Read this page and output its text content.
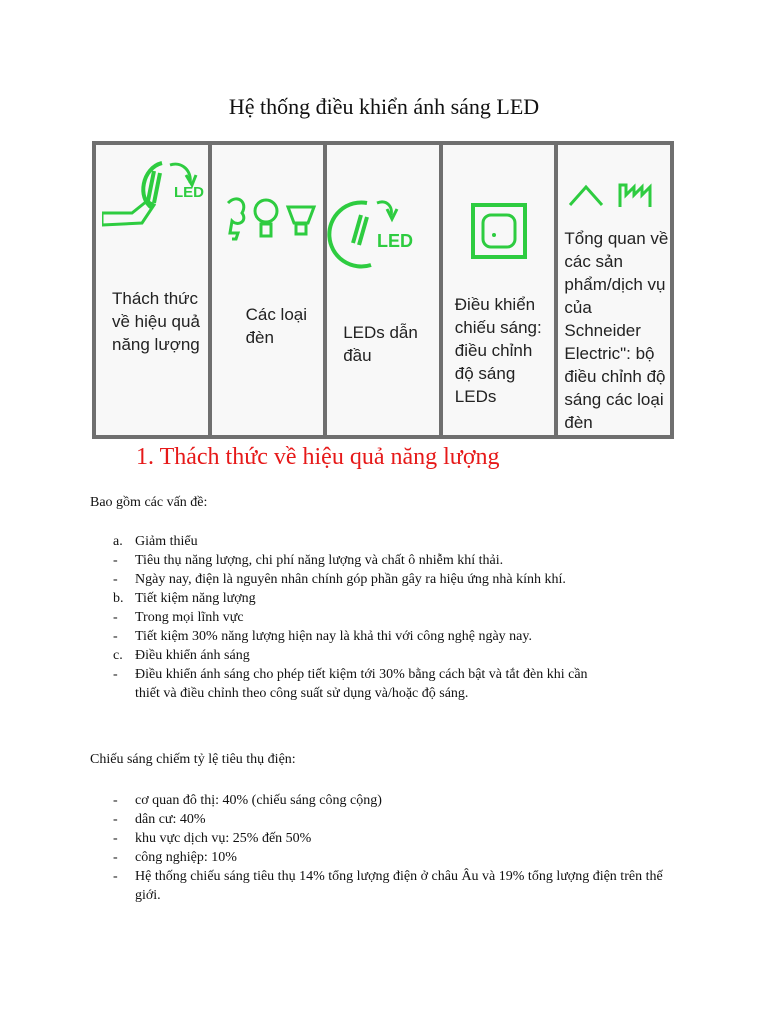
Hệ thống điều khiển ánh sáng LED
LED
Thách thức về hiệu quả năng lượng
Các loại đèn
LED
LEDs dẫn đầu
Điều khiển chiếu sáng: điều chỉnh độ sáng LEDs
Tổng quan về các sản phẩm/dịch vụ của Schneider Electric": bộ điều chỉnh độ sáng các loại đèn
1. Thách thức về hiệu quả năng lượng
Bao gồm các vấn đề:
a. Giảm thiểu
-	Tiêu thụ năng lượng, chi phí năng lượng và chất ô nhiễm khí thải.
-	Ngày nay, điện là nguyên nhân chính góp phần gây ra hiệu ứng nhà kính khí.
b. Tiết kiệm năng lượng
-	Trong mọi lĩnh vực
-	Tiết kiệm 30% năng lượng hiện nay là khả thi với công nghệ ngày nay.
c. Điều khiển ánh sáng
-	Điều khiển ánh sáng cho phép tiết kiệm tới 30% bằng cách bật và tắt đèn khi cần thiết và điều chỉnh theo công suất sử dụng và/hoặc độ sáng.
Chiếu sáng chiếm tỷ lệ tiêu thụ điện:
-	cơ quan đô thị: 40% (chiếu sáng công cộng)
-	dân cư: 40%
-	khu vực dịch vụ: 25% đến 50%
-	công nghiệp: 10%
-	Hệ thống chiếu sáng tiêu thụ 14% tổng lượng điện ở châu Âu và 19% tổng lượng điện trên thế giới.
